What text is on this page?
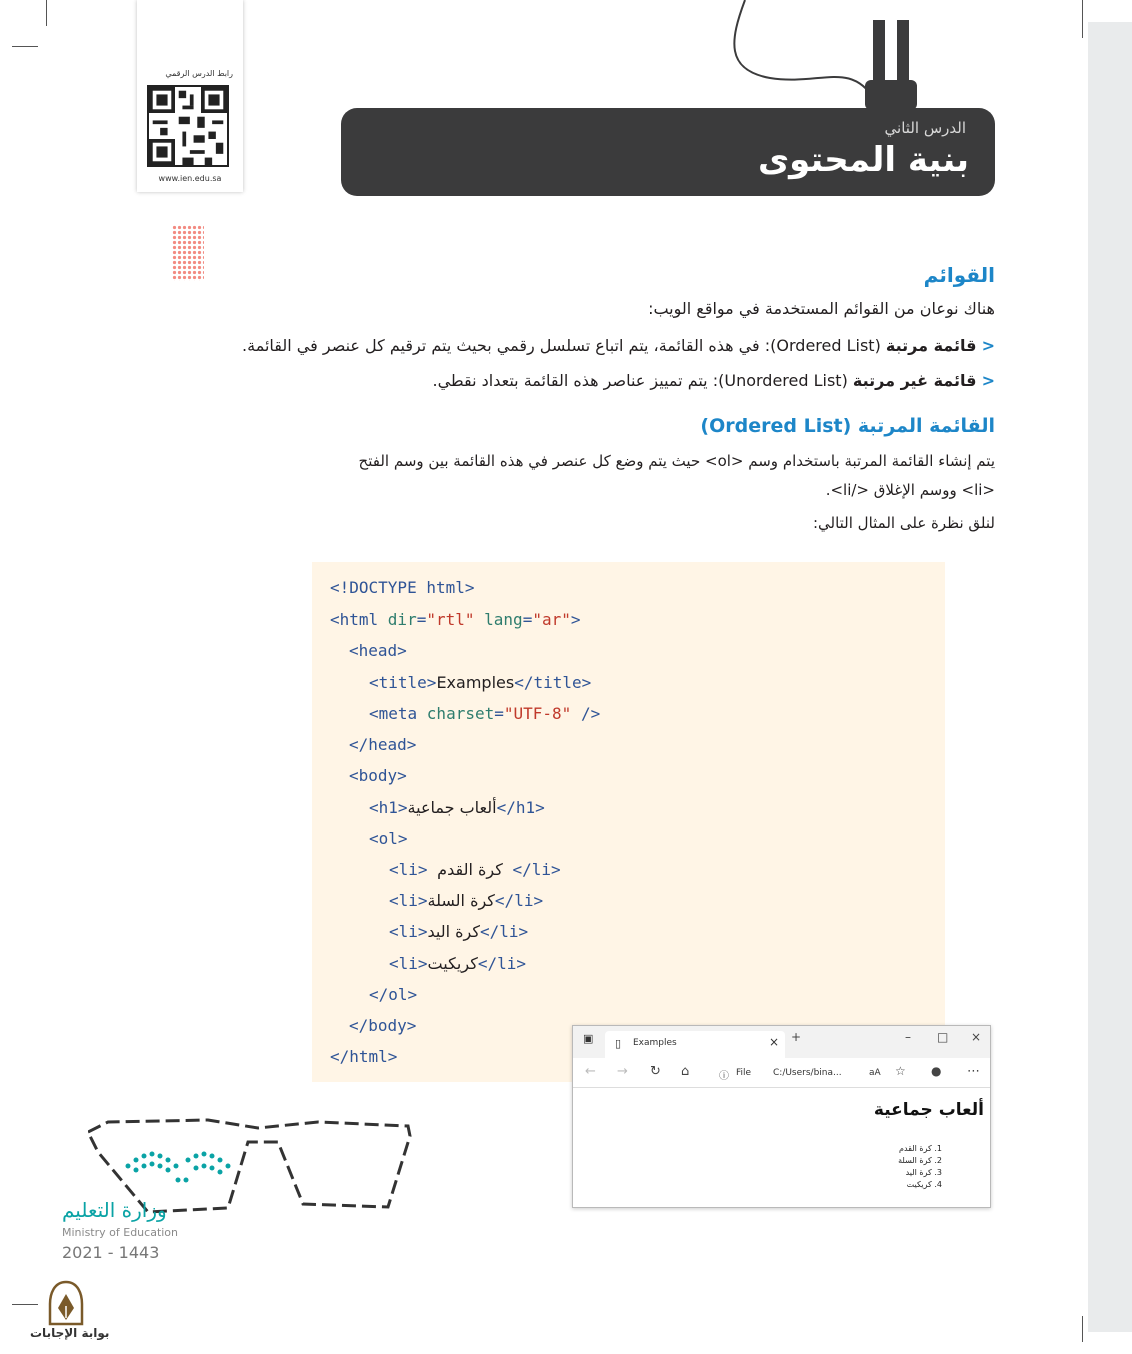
رابط الدرس الرقمي
www.ien.edu.sa
الدرس الثاني
بنية المحتوى
القوائم
هناك نوعان من القوائم المستخدمة في مواقع الويب:
< قائمة مرتبة (Ordered List): في هذه القائمة، يتم اتباع تسلسل رقمي بحيث يتم ترقيم كل عنصر في القائمة.
< قائمة غير مرتبة (Unordered List): يتم تمييز عناصر هذه القائمة بتعداد نقطي.
القائمة المرتبة (Ordered List)
يتم إنشاء القائمة المرتبة باستخدام وسم <ol> حيث يتم وضع كل عنصر في هذه القائمة بين وسم الفتح
<li> ووسم الإغلاق </li>.
لنلق نظرة على المثال التالي:
<!DOCTYPE html>
<html dir="rtl" lang="ar">
<head>
<title>Examples</title>
<meta charset="UTF-8" />
</head>
<body>
<h1>ألعاب جماعية</h1>
<ol>
<li> كرة القدم </li>
<li>كرة السلة</li>
<li>كرة اليد</li>
<li>كريكيت</li>
</ol>
</body>
</html>
▣ ▯ Examples	× +	– □ ×
← → ↻ ⌂	ⓘ File C:/Users/bina...	aA ☆ ● ⋯
ألعاب جماعية
1. كرة القدم
2. كرة السلة
3. كرة اليد
4. كريكيت
وزارة التعليم
Ministry of Education
2021 - 1443
بوابة الإجابات
